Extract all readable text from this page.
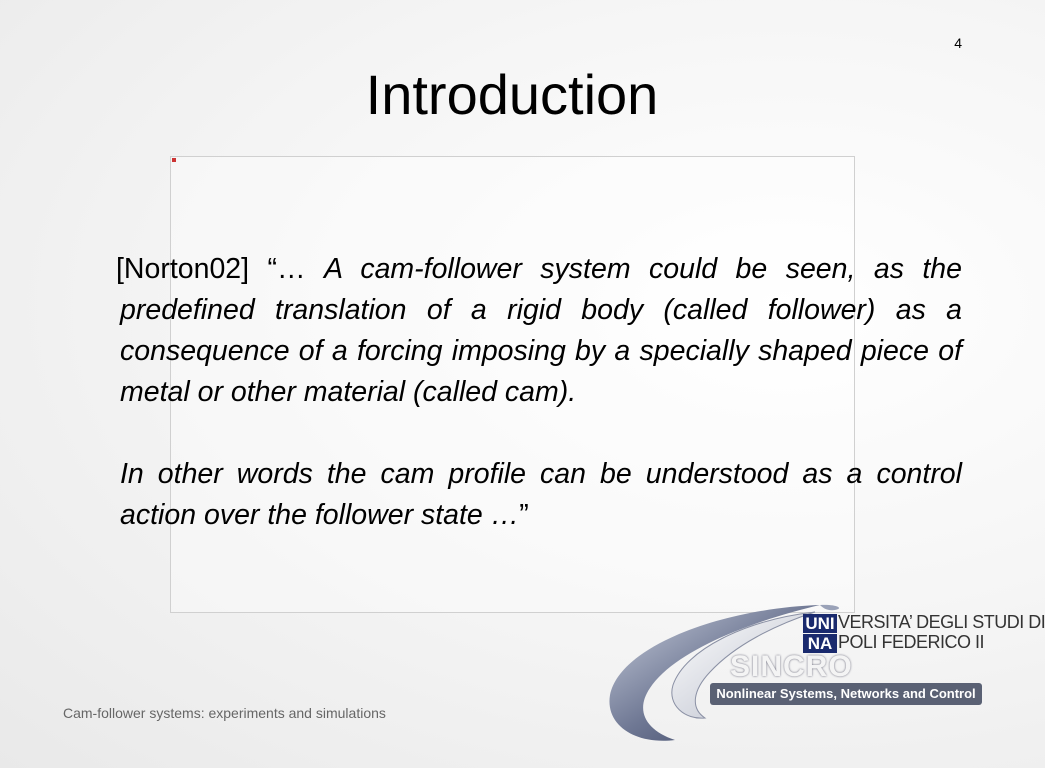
4
Introduction

[Norton02] “… A cam-follower system could be seen, as the predefined translation of a rigid body (called follower) as a consequence of a forcing imposing by a specially shaped piece of metal or other material (called cam).

In other words the cam profile can be understood as a control action over the follower state …”

Cam-follower systems: experiments and simulations
UNI
NA
VERSITA’ DEGLI STUDI DI
POLI FEDERICO II
SINCRO
Nonlinear Systems, Networks and Control
